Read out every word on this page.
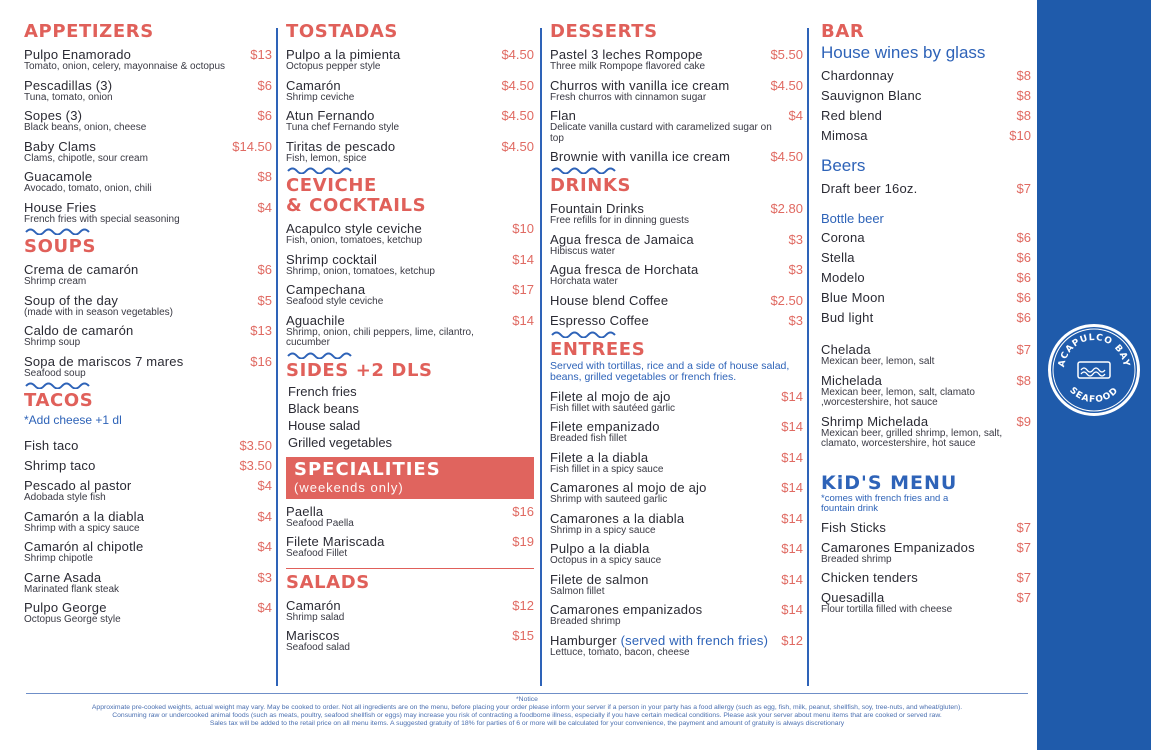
APPETIZERS
Pulpo Enamorado
Tomato, onion, celery, mayonnaise & octopus
$13
Pescadillas (3)
Tuna, tomato, onion
$6
Sopes (3)
Black beans, onion, cheese
$6
Baby Clams
Clams, chipotle, sour cream
$14.50
Guacamole
Avocado, tomato, onion, chili
$8
House Fries
French fries with special seasoning
$4
SOUPS
Crema de camarón
Shrimp cream
$6
Soup of the day
(made with in season vegetables)
$5
Caldo de camarón
Shrimp soup
$13
Sopa de mariscos 7 mares
Seafood soup
$16
TACOS
*Add cheese +1 dl
Fish taco	$3.50
Shrimp taco	$3.50
Pescado al pastor
Adobada style fish
$4
Camarón a la diabla
Shrimp with a spicy sauce
$4
Camarón al chipotle
Shrimp chipotle
$4
Carne Asada
Marinated flank steak
$3
Pulpo George
Octopus George style
$4
TOSTADAS
Pulpo a la pimienta
Octopus pepper style
$4.50
Camarón
Shrimp ceviche
$4.50
Atun Fernando
Tuna chef Fernando style
$4.50
Tiritas de pescado
Fish, lemon, spice
$4.50
CEVICHE
& COCKTAILS
Acapulco style ceviche
Fish, onion, tomatoes, ketchup
$10
Shrimp cocktail
Shrimp, onion, tomatoes, ketchup
$14
Campechana
Seafood style ceviche
$17
Aguachile
Shrimp, onion, chili peppers, lime, cilantro, cucumber
$14
SIDES +2 DLS
French fries
Black beans
House salad
Grilled vegetables
SPECIALITIES
(weekends only)
Paella
Seafood Paella
$16
Filete Mariscada
Seafood Fillet
$19
SALADS
Camarón
Shrimp salad
$12
Mariscos
Seafood salad
$15
DESSERTS
Pastel 3 leches Rompope
Three milk Rompope flavored cake
$5.50
Churros with vanilla ice cream
Fresh churros with cinnamon sugar
$4.50
Flan
Delicate vanilla custard with caramelized sugar on top
$4
Brownie with vanilla ice cream	$4.50
DRINKS
Fountain Drinks
Free refills for in dinning guests
$2.80
Agua fresca de Jamaica
Hibiscus water
$3
Agua fresca de Horchata
Horchata water
$3
House blend Coffee	$2.50
Espresso Coffee	$3
ENTREES
Served with tortillas, rice and a side of house salad, beans, grilled vegetables or french fries.
Filete al mojo de ajo
Fish fillet with sautéed garlic
$14
Filete empanizado
Breaded fish fillet
$14
Filete a la diabla
Fish fillet in a spicy sauce
$14
Camarones al mojo de ajo
Shrimp with sauteed garlic
$14
Camarones a la diabla
Shrimp in a spicy sauce
$14
Pulpo a la diabla
Octopus in a spicy sauce
$14
Filete de salmon
Salmon fillet
$14
Camarones empanizados
Breaded shrimp
$14
Hamburger (served with french fries)
Lettuce, tomato, bacon, cheese
$12
BAR
House wines by glass
Chardonnay	$8
Sauvignon Blanc	$8
Red blend	$8
Mimosa	$10
Beers
Draft beer 16oz.	$7
Bottle beer
Corona	$6
Stella	$6
Modelo	$6
Blue Moon	$6
Bud light	$6
Chelada
Mexican beer, lemon, salt
$7
Michelada
Mexican beer, lemon, salt, clamato ,worcestershire, hot sauce
$8
Shrimp Michelada
Mexican beer, grilled shrimp, lemon, salt, clamato, worcestershire, hot sauce
$9
KiD'S MENU
*comes with french fries and a fountain drink
Fish Sticks	$7
Camarones Empanizados
Breaded shrimp
$7
Chicken tenders	$7
Quesadilla
Flour tortilla filled with cheese
$7
ACAPULCO BAY
SEAFOOD
*Notice
Approximate pre-cooked weights, actual weight may vary. May be cooked to order. Not all ingredients are on the menu, before placing your order please inform your server if a person in your party has a food allergy (such as egg, fish, milk, peanut, shellfish, soy, tree-nuts, and wheat/gluten).
Consuming raw or undercooked animal foods (such as meats, poultry, seafood shellfish or eggs) may increase you risk of contracting a foodborne illness, especially if you have certain medical conditions. Please ask your server about menu items that are cooked or served raw.
Sales tax will be added to the retail price on all menu items. A suggested gratuity of 18% for parties of 6 or more will be calculated for your convenience, the payment and amount of gratuity is always discretionary
